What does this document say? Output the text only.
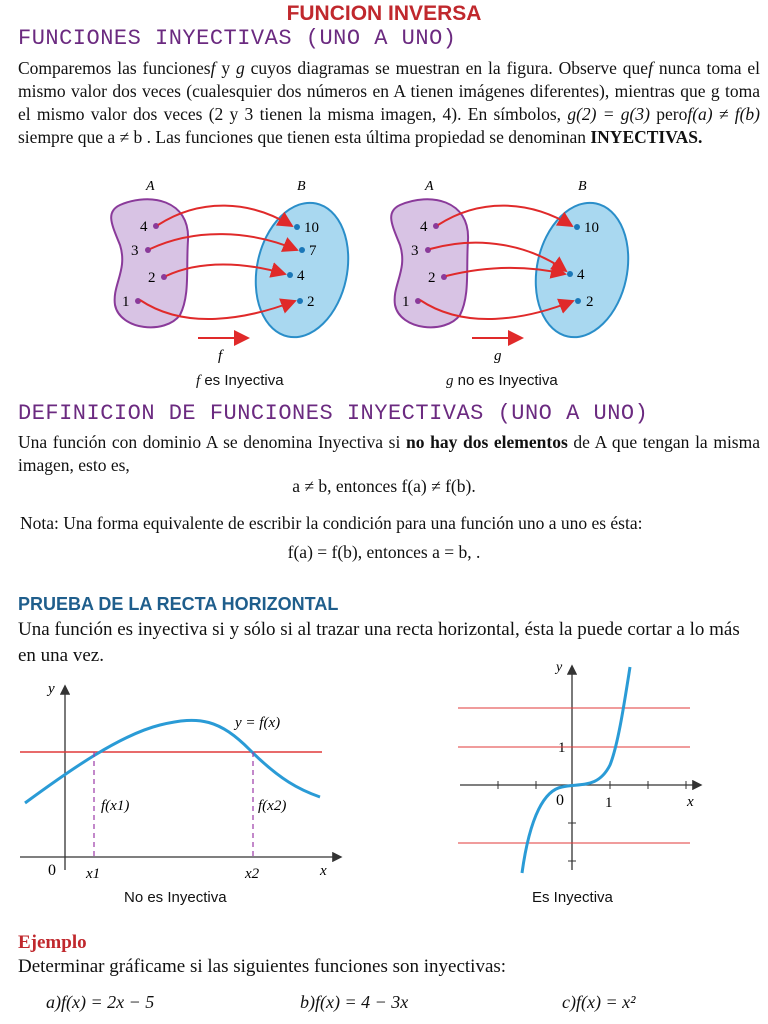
FUNCION INVERSA
FUNCIONES INYECTIVAS (UNO A UNO)
Comparemos las funcionesf y g cuyos diagramas se muestran en la figura. Observe quef nunca toma el mismo valor dos veces (cualesquier dos números en A tienen imágenes diferentes), mientras que g toma el mismo valor dos veces (2 y 3 tienen la misma imagen, 4). En símbolos, g(2) = g(3) perof(a) ≠ f(b) siempre que a ≠ b . Las funciones que tienen esta última propiedad se denominan INYECTIVAS.
A	B
4
3
2
1
10
7
4
2
f
A	B
4
3
2
1
10
4
2
g
f es Inyectiva	g no es Inyectiva
DEFINICION DE FUNCIONES INYECTIVAS (UNO A UNO)
Una función con dominio A se denomina Inyectiva si no hay dos elementos de A que tengan la misma imagen, esto es,
a ≠ b, entonces f(a) ≠ f(b).
Nota: Una forma equivalente de escribir la condición para una función uno a uno es ésta:
f(a) = f(b), entonces a = b, .
PRUEBA DE LA RECTA HORIZONTAL
Una función es inyectiva si y sólo si al trazar una recta horizontal, ésta la puede cortar a lo más en una vez.
y
x
0
y = f(x)
f(x1)	f(x2)
x1	x2
No es Inyectiva
y
x
0
1
1
Es Inyectiva
Ejemplo
Determinar gráficame si las siguientes funciones son inyectivas:
a)f(x) = 2x − 5	b)f(x) = 4 − 3x	c)f(x) = x²
